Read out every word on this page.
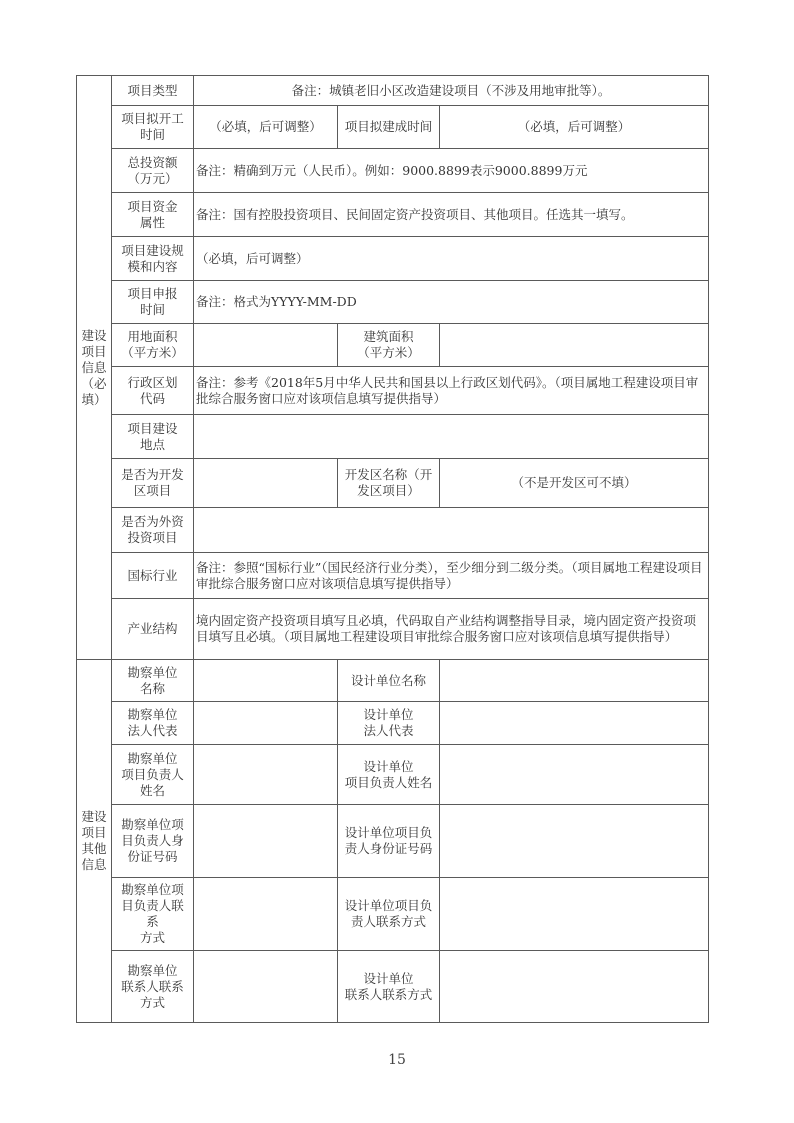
建设
项目
信息
（必
填）	项目类型	备注：城镇老旧小区改造建设项目（不涉及用地审批等）。		
	项目拟开工
时间	（必填，后可调整）	项目拟建成时间	（必填，后可调整）
	总投资额
（万元）	备注：精确到万元（人民币）。例如：9000.8899表示9000.8899万元		
	项目资金
属性	备注：国有控股投资项目、民间固定资产投资项目、其他项目。任选其一填写。		
	项目建设规
模和内容	（必填，后可调整）		
	项目申报
时间	备注：格式为YYYY-MM-DD		
	用地面积
（平方米）		建筑面积
（平方米）	
	行政区划
代码	备注：参考《2018年5月中华人民共和国县以上行政区划代码》。（项目属地工程建设项目审批综合服务窗口应对该项信息填写提供指导）		
	项目建设
地点			
	是否为开发
区项目		开发区名称（开
发区项目）	（不是开发区可不填）
	是否为外资
投资项目			
	国标行业	备注：参照“国标行业”（国民经济行业分类），至少细分到二级分类。（项目属地工程建设项目审批综合服务窗口应对该项信息填写提供指导）		
	产业结构	境内固定资产投资项目填写且必填，代码取自产业结构调整指导目录，境内固定资产投资项目填写且必填。（项目属地工程建设项目审批综合服务窗口应对该项信息填写提供指导）		
建设
项目
其他
信息	勘察单位
名称		设计单位名称	
	勘察单位
法人代表		设计单位
法人代表	
	勘察单位
项目负责人
姓名		设计单位
项目负责人姓名	
	勘察单位项
目负责人身
份证号码		设计单位项目负
责人身份证号码	
	勘察单位项
目负责人联
系
方式		设计单位项目负
责人联系方式	
	勘察单位
联系人联系
方式		设计单位
联系人联系方式	
15
